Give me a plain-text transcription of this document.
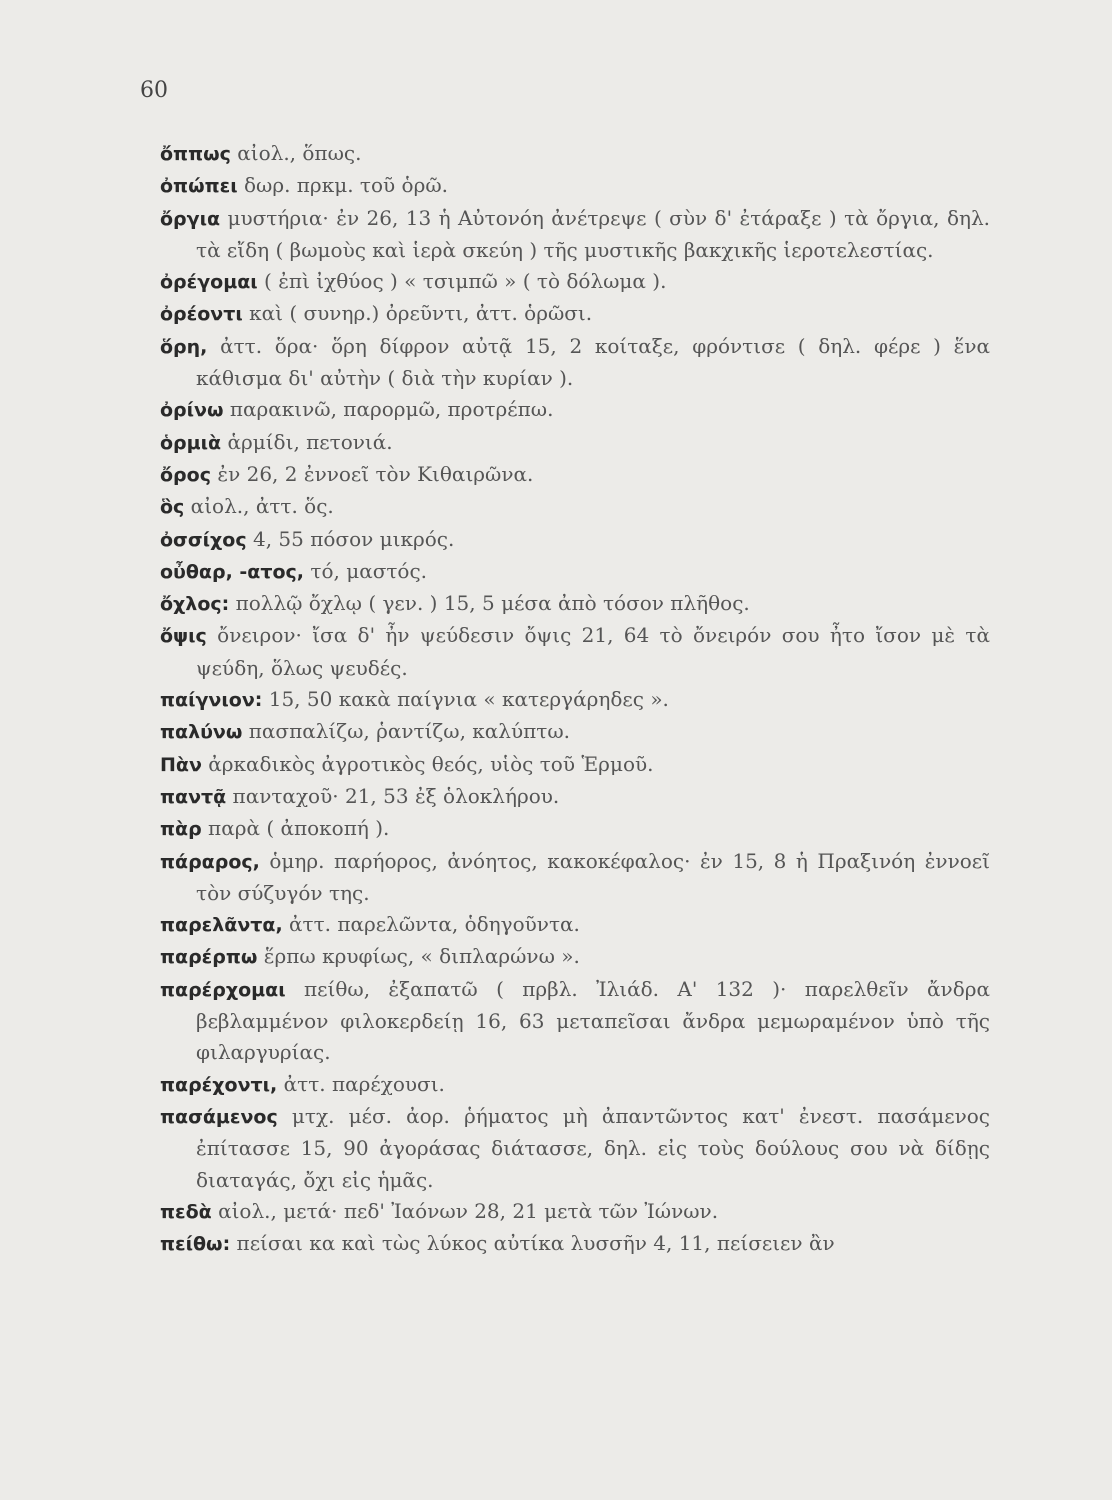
60

ὄππως αἰολ., ὅπως.

ὀπώπει δωρ. πρκμ. τοῦ ὁρῶ.

ὄργια μυστήρια· ἐν 26, 13 ἡ Αὐτονόη ἀνέτρεψε ( σὺν δ' ἐτάραξε ) τὰ ὄργια, δηλ. τὰ εἴδη ( βωμοὺς καὶ ἱερὰ σκεύη ) τῆς μυστικῆς βακχικῆς ἱεροτελεστίας.

ὀρέγομαι ( ἐπὶ ἰχθύος ) « τσιμπῶ » ( τὸ δόλωμα ).

ὀρέοντι καὶ ( συνηρ.) ὀρεῦντι, ἀττ. ὁρῶσι.

ὅρη, ἀττ. ὅρα· ὅρη δίφρον αὐτᾷ 15, 2 κοίταξε, φρόντισε ( δηλ. φέρε ) ἕνα κάθισμα δι' αὐτὴν ( διὰ τὴν κυρίαν ).

ὀρίνω παρακινῶ, παρορμῶ, προτρέπω.

ὁρμιὰ ἁρμίδι, πετονιά.

ὄρος ἐν 26, 2 ἐννοεῖ τὸν Κιθαιρῶνα.

ὃς αἰολ., ἀττ. ὅς.

ὀσσίχος 4, 55 πόσον μικρός.

οὖθαρ, -ατος, τό, μαστός.

ὄχλος: πολλῷ ὄχλῳ ( γεν. ) 15, 5 μέσα ἀπὸ τόσον πλῆθος.

ὄψις ὄνειρον· ἴσα δ' ἦν ψεύδεσιν ὄψις 21, 64 τὸ ὄνειρόν σου ἦτο ἴσον μὲ τὰ ψεύδη, ὅλως ψευδές.

παίγνιον: 15, 50 κακὰ παίγνια « κατεργάρηδες ».

παλύνω πασπαλίζω, ῥαντίζω, καλύπτω.

Πὰν ἀρκαδικὸς ἀγροτικὸς θεός, υἱὸς τοῦ Ἑρμοῦ.

παντᾷ πανταχοῦ· 21, 53 ἐξ ὁλοκλήρου.

πὰρ παρὰ ( ἀποκοπή ).

πάραρος, ὁμηρ. παρήορος, ἀνόητος, κακοκέφαλος· ἐν 15, 8 ἡ Πραξινόη ἐννοεῖ τὸν σύζυγόν της.

παρελᾶντα, ἀττ. παρελῶντα, ὁδηγοῦντα.

παρέρπω ἕρπω κρυφίως, « διπλαρώνω ».

παρέρχομαι πείθω, ἐξαπατῶ ( πρβλ. Ἰλιάδ. Α' 132 )· παρελθεῖν ἄνδρα βεβλαμμένον φιλοκερδείῃ 16, 63 μεταπεῖσαι ἄνδρα μεμωραμένον ὑπὸ τῆς φιλαργυρίας.

παρέχοντι, ἀττ. παρέχουσι.

πασάμενος μτχ. μέσ. ἀορ. ῥήματος μὴ ἀπαντῶντος κατ' ἐνεστ. πασάμενος ἐπίτασσε 15, 90 ἀγοράσας διάτασσε, δηλ. εἰς τοὺς δούλους σου νὰ δίδῃς διαταγάς, ὄχι εἰς ἡμᾶς.

πεδὰ αἰολ., μετά· πεδ' Ἰαόνων 28, 21 μετὰ τῶν Ἰώνων.

πείθω: πείσαι κα καὶ τὼς λύκος αὐτίκα λυσσῆν 4, 11, πείσειεν ἂν
